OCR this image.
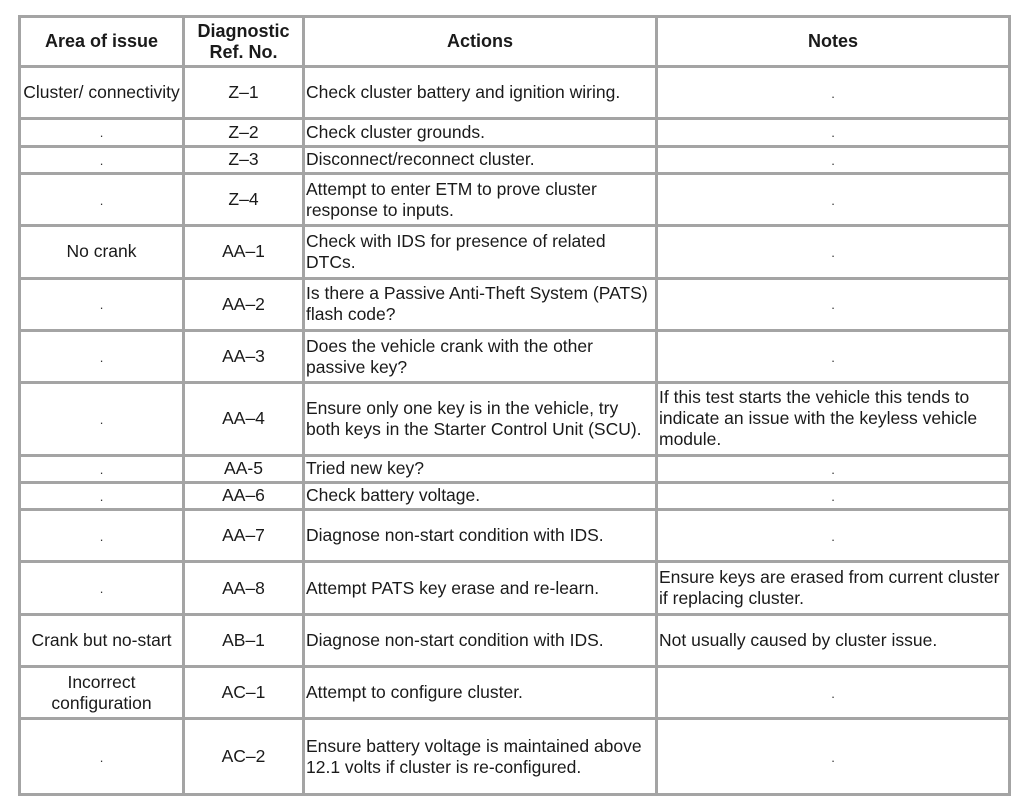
Area of issue	Diagnostic Ref. No.	Actions	Notes
Cluster/ connectivity	Z–1	Check cluster battery and ignition wiring.	.
.	Z–2	Check cluster grounds.	.
.	Z–3	Disconnect/reconnect cluster.	.
.	Z–4	Attempt to enter ETM to prove cluster response to inputs.	.
No crank	AA–1	Check with IDS for presence of related DTCs.	.
.	AA–2	Is there a Passive Anti-Theft System (PATS) flash code?	.
.	AA–3	Does the vehicle crank with the other passive key?	.
.	AA–4	Ensure only one key is in the vehicle, try both keys in the Starter Control Unit (SCU).	If this test starts the vehicle this tends to indicate an issue with the keyless vehicle module.
.	AA-5	Tried new key?	.
.	AA–6	Check battery voltage.	.
.	AA–7	Diagnose non-start condition with IDS.	.
.	AA–8	Attempt PATS key erase and re-learn.	Ensure keys are erased from current cluster if replacing cluster.
Crank but no-start	AB–1	Diagnose non-start condition with IDS.	Not usually caused by cluster issue.
Incorrect configuration	AC–1	Attempt to configure cluster.	.
.	AC–2	Ensure battery voltage is maintained above 12.1 volts if cluster is re-configured.	.
